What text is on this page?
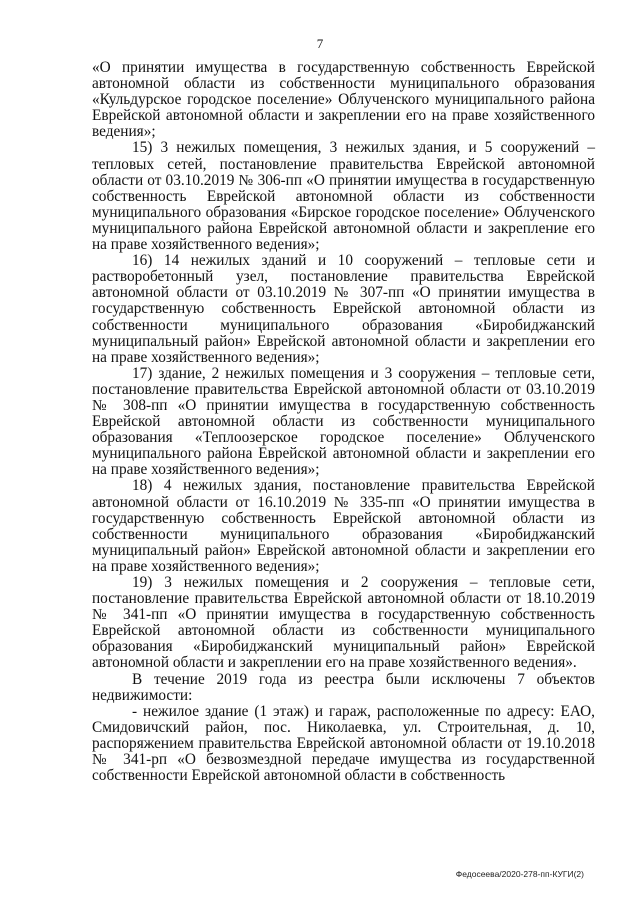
7

«О принятии имущества в государственную собственность Еврейской автономной области из собственности муниципального образования «Кульдурское городское поселение» Облученского муниципального района Еврейской автономной области и закреплении его на праве хозяйственного ведения»;

15) 3 нежилых помещения, 3 нежилых здания, и 5 сооружений – тепловых сетей, постановление правительства Еврейской автономной области от 03.10.2019 № 306-пп «О принятии имущества в государственную собственность Еврейской автономной области из собственности муниципального образования «Бирское городское поселение» Облученского муниципального района Еврейской автономной области и закрепление его на праве хозяйственного ведения»;

16) 14 нежилых зданий и 10 сооружений – тепловые сети и растворобетонный узел, постановление правительства Еврейской автономной области от 03.10.2019 № 307-пп «О принятии имущества в государственную собственность Еврейской автономной области из собственности муниципального образования «Биробиджанский муниципальный район» Еврейской автономной области и закреплении его на праве хозяйственного ведения»;

17) здание, 2 нежилых помещения и 3 сооружения – тепловые сети, постановление правительства Еврейской автономной области от 03.10.2019 № 308-пп «О принятии имущества в государственную собственность Еврейской автономной области из собственности муниципального образования «Теплоозерское городское поселение» Облученского муниципального района Еврейской автономной области и закреплении его на праве хозяйственного ведения»;

18) 4 нежилых здания, постановление правительства Еврейской автономной области от 16.10.2019 № 335-пп «О принятии имущества в государственную собственность Еврейской автономной области из собственности муниципального образования «Биробиджанский муниципальный район» Еврейской автономной области и закреплении его на праве хозяйственного ведения»;

19) 3 нежилых помещения и 2 сооружения – тепловые сети, постановление правительства Еврейской автономной области от 18.10.2019 № 341-пп «О принятии имущества в государственную собственность Еврейской автономной области из собственности муниципального образования «Биробиджанский муниципальный район» Еврейской автономной области и закреплении его на праве хозяйственного ведения».

В течение 2019 года из реестра были исключены 7 объектов недвижимости:

- нежилое здание (1 этаж) и гараж, расположенные по адресу: ЕАО, Смидовичский район, пос. Николаевка, ул. Строительная, д. 10, распоряжением правительства Еврейской автономной области от 19.10.2018 № 341-рп «О безвозмездной передаче имущества из государственной собственности Еврейской автономной области в собственность

Федосеева/2020-278-пп-КУГИ(2)
